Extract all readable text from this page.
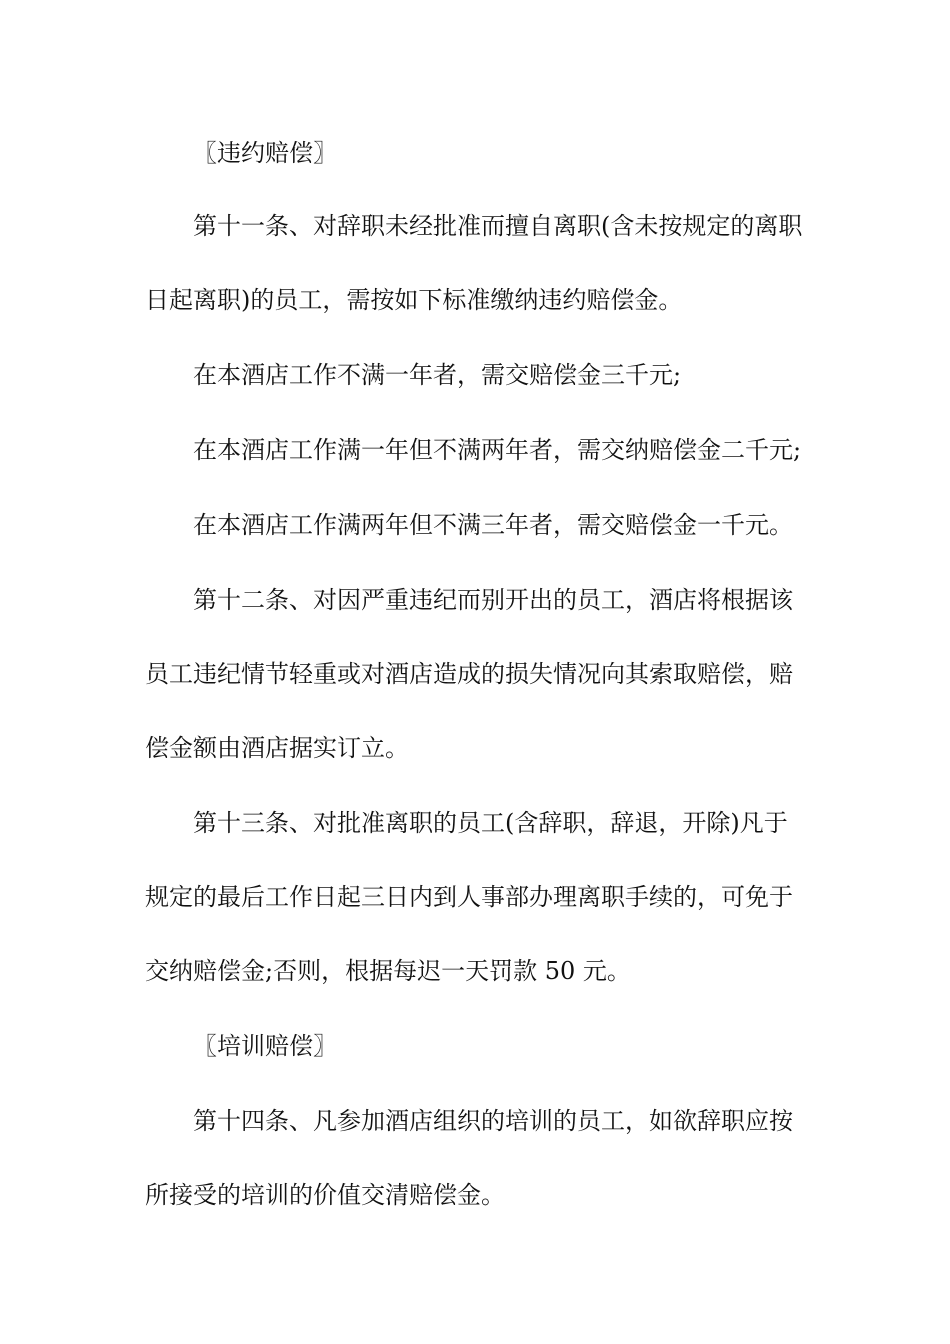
〖违约赔偿〗
第十一条、对辞职未经批准而擅自离职(含未按规定的离职
日起离职)的员工，需按如下标准缴纳违约赔偿金。
在本酒店工作不满一年者，需交赔偿金三千元;
在本酒店工作满一年但不满两年者，需交纳赔偿金二千元;
在本酒店工作满两年但不满三年者，需交赔偿金一千元。
第十二条、对因严重违纪而别开出的员工，酒店将根据该
员工违纪情节轻重或对酒店造成的损失情况向其索取赔偿，赔
偿金额由酒店据实订立。
第十三条、对批准离职的员工(含辞职，辞退，开除)凡于
规定的最后工作日起三日内到人事部办理离职手续的，可免于
交纳赔偿金;否则，根据每迟一天罚款 50 元。
〖培训赔偿〗
第十四条、凡参加酒店组织的培训的员工，如欲辞职应按
所接受的培训的价值交清赔偿金。
